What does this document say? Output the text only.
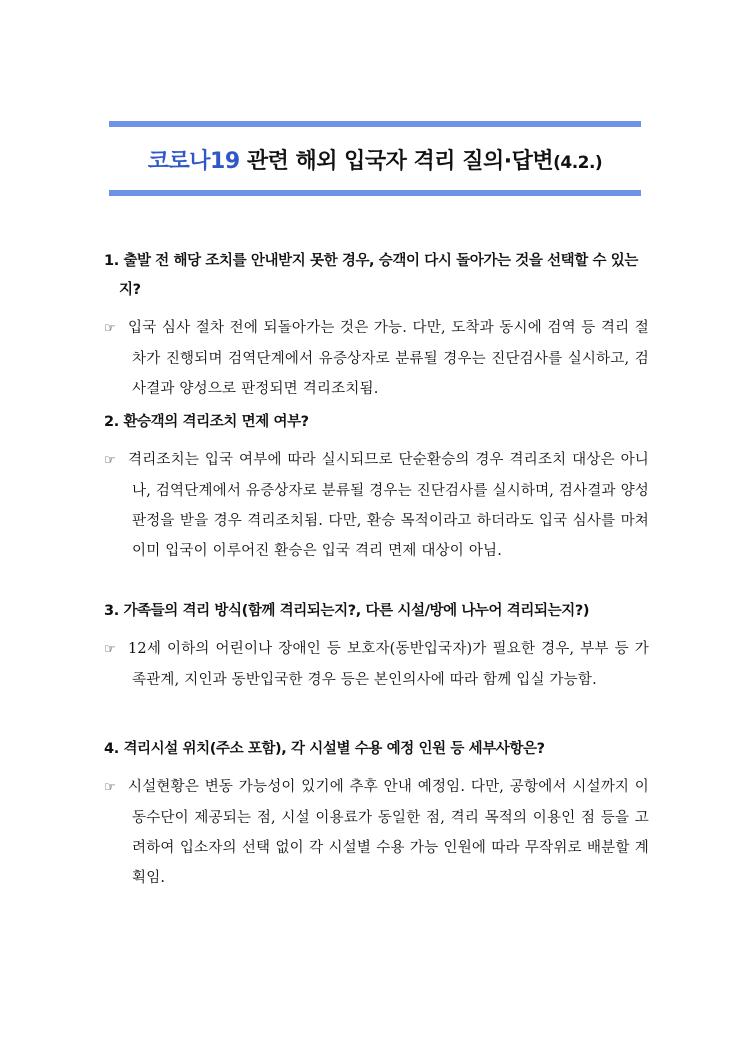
코로나19 관련 해외 입국자 격리 질의·답변(4.2.)
1. 출발 전 해당 조치를 안내받지 못한 경우, 승객이 다시 돌아가는 것을 선택할 수 있는지?
☞ 입국 심사 절차 전에 되돌아가는 것은 가능. 다만, 도착과 동시에 검역 등 격리 절차가 진행되며 검역단계에서 유증상자로 분류될 경우는 진단검사를 실시하고, 검사결과 양성으로 판정되면 격리조치됨.
2. 환승객의 격리조치 면제 여부?
☞ 격리조치는 입국 여부에 따라 실시되므로 단순환승의 경우 격리조치 대상은 아니나, 검역단계에서 유증상자로 분류될 경우는 진단검사를 실시하며, 검사결과 양성판정을 받을 경우 격리조치됨. 다만, 환승 목적이라고 하더라도 입국 심사를 마쳐 이미 입국이 이루어진 환승은 입국 격리 면제 대상이 아님.
3. 가족들의 격리 방식(함께 격리되는지?, 다른 시설/방에 나누어 격리되는지?)
☞ 12세 이하의 어린이나 장애인 등 보호자(동반입국자)가 필요한 경우, 부부 등 가족관계, 지인과 동반입국한 경우 등은 본인의사에 따라 함께 입실 가능함.
4. 격리시설 위치(주소 포함), 각 시설별 수용 예정 인원 등 세부사항은?
☞ 시설현황은 변동 가능성이 있기에 추후 안내 예정임. 다만, 공항에서 시설까지 이동수단이 제공되는 점, 시설 이용료가 동일한 점, 격리 목적의 이용인 점 등을 고려하여 입소자의 선택 없이 각 시설별 수용 가능 인원에 따라 무작위로 배분할 계획임.
